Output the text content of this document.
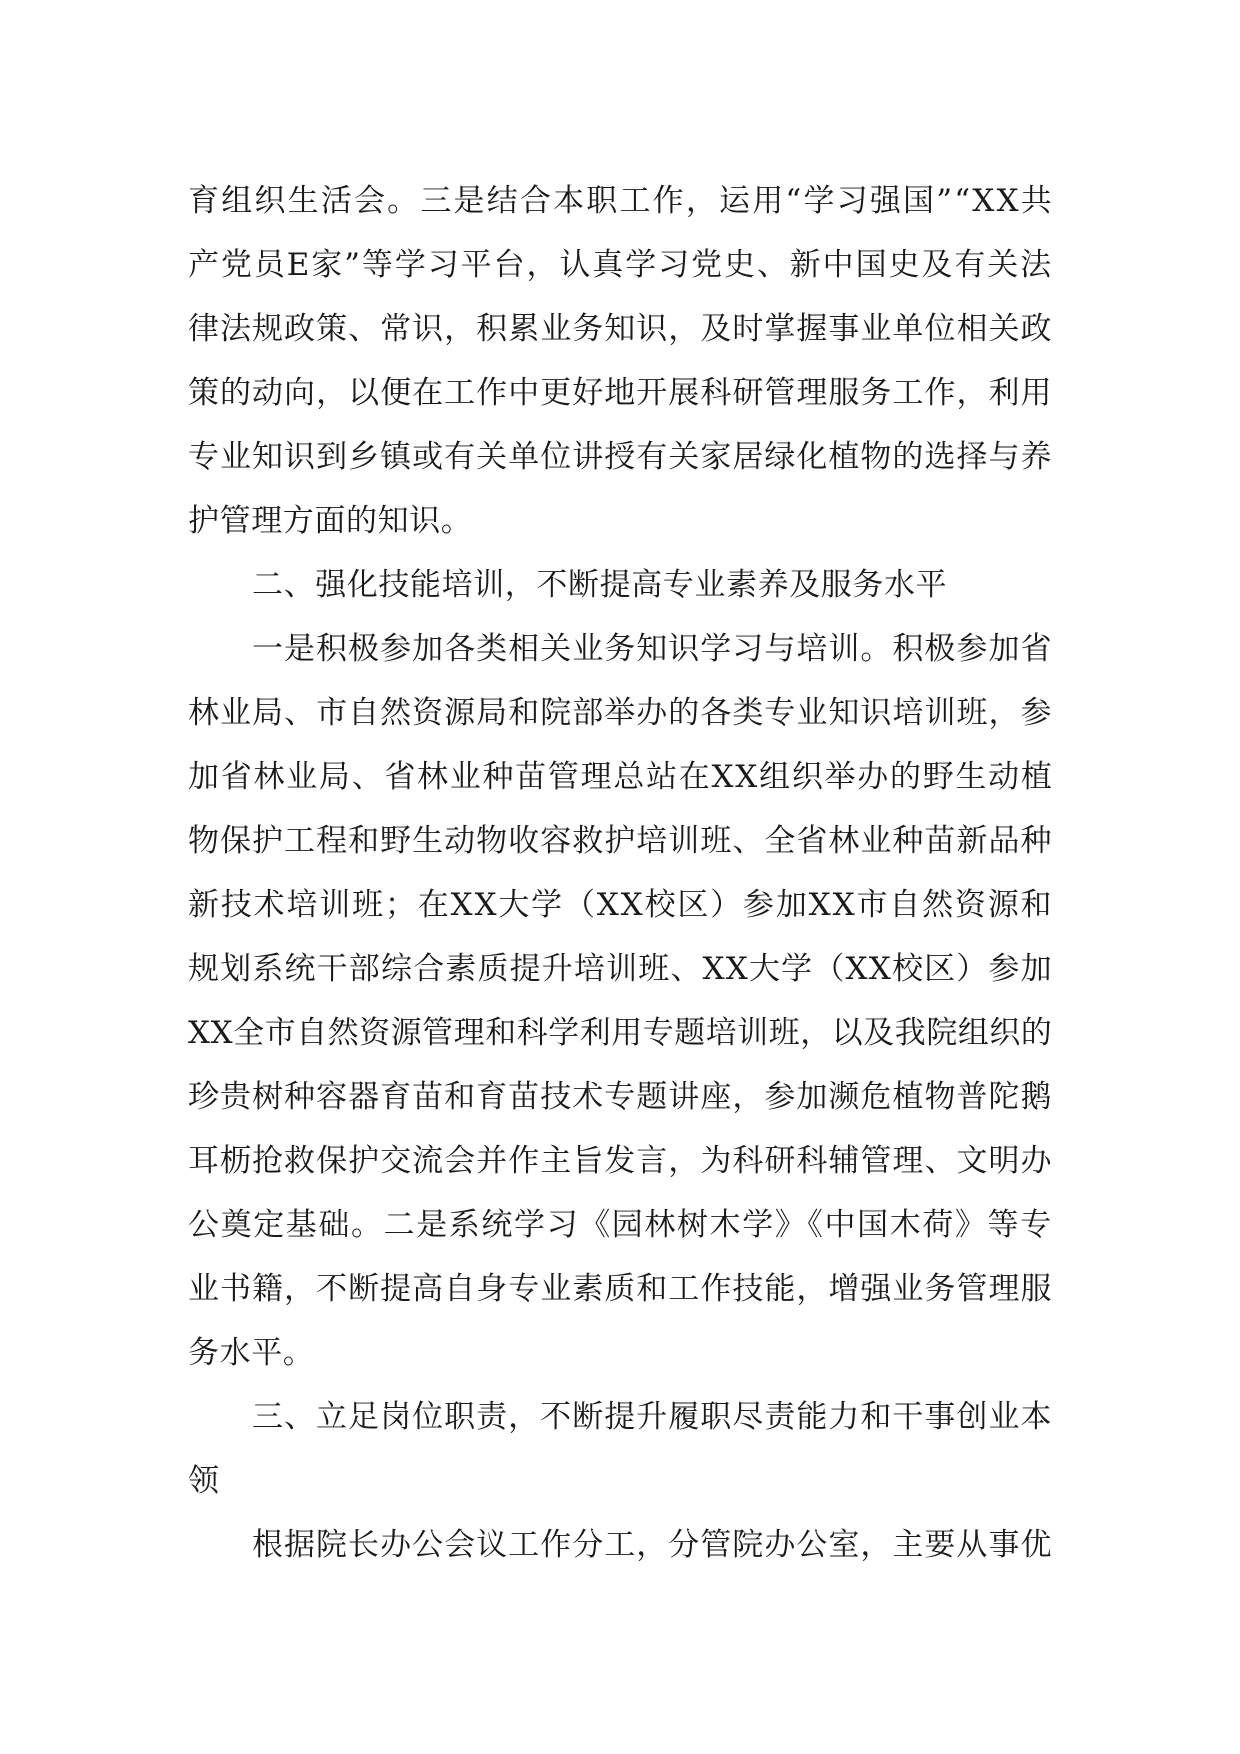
育组织生活会。三是结合本职工作，运用“学习强国”“XX共
产党员E家”等学习平台，认真学习党史、新中国史及有关法
律法规政策、常识，积累业务知识，及时掌握事业单位相关政
策的动向，以便在工作中更好地开展科研管理服务工作，利用
专业知识到乡镇或有关单位讲授有关家居绿化植物的选择与养
护管理方面的知识。
二、强化技能培训，不断提高专业素养及服务水平
一是积极参加各类相关业务知识学习与培训。积极参加省
林业局、市自然资源局和院部举办的各类专业知识培训班，参
加省林业局、省林业种苗管理总站在XX组织举办的野生动植
物保护工程和野生动物收容救护培训班、全省林业种苗新品种
新技术培训班；在XX大学（XX校区）参加XX市自然资源和
规划系统干部综合素质提升培训班、XX大学（XX校区）参加
XX全市自然资源管理和科学利用专题培训班，以及我院组织的
珍贵树种容器育苗和育苗技术专题讲座，参加濒危植物普陀鹅
耳枥抢救保护交流会并作主旨发言，为科研科辅管理、文明办
公奠定基础。二是系统学习《园林树木学》《中国木荷》等专
业书籍，不断提高自身专业素质和工作技能，增强业务管理服
务水平。
三、立足岗位职责，不断提升履职尽责能力和干事创业本
领
根据院长办公会议工作分工，分管院办公室，主要从事优
